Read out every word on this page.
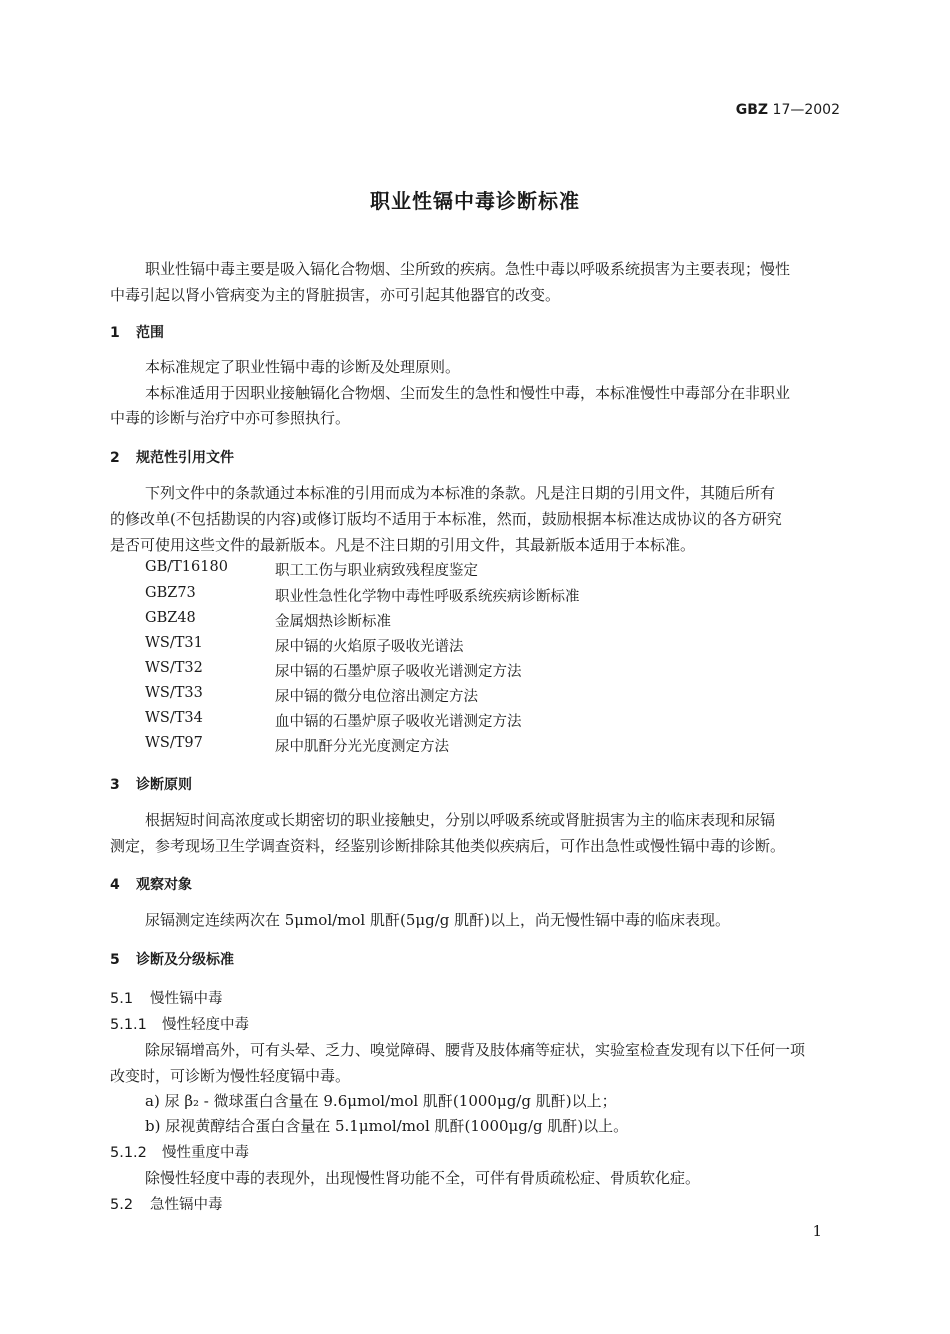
GBZ 17—2002
职业性镉中毒诊断标准
职业性镉中毒主要是吸入镉化合物烟、尘所致的疾病。急性中毒以呼吸系统损害为主要表现；慢性
中毒引起以肾小管病变为主的肾脏损害，亦可引起其他器官的改变。
1 范围
本标准规定了职业性镉中毒的诊断及处理原则。
本标准适用于因职业接触镉化合物烟、尘而发生的急性和慢性中毒，本标准慢性中毒部分在非职业
中毒的诊断与治疗中亦可参照执行。
2 规范性引用文件
下列文件中的条款通过本标准的引用而成为本标准的条款。凡是注日期的引用文件，其随后所有
的修改单(不包括勘误的内容)或修订版均不适用于本标准，然而，鼓励根据本标准达成协议的各方研究
是否可使用这些文件的最新版本。凡是不注日期的引用文件，其最新版本适用于本标准。
GB/T16180	职工工伤与职业病致残程度鉴定
GBZ73	职业性急性化学物中毒性呼吸系统疾病诊断标准
GBZ48	金属烟热诊断标准
WS/T31	尿中镉的火焰原子吸收光谱法
WS/T32	尿中镉的石墨炉原子吸收光谱测定方法
WS/T33	尿中镉的微分电位溶出测定方法
WS/T34	血中镉的石墨炉原子吸收光谱测定方法
WS/T97	尿中肌酐分光光度测定方法
3 诊断原则
根据短时间高浓度或长期密切的职业接触史，分别以呼吸系统或肾脏损害为主的临床表现和尿镉
测定，参考现场卫生学调查资料，经鉴别诊断排除其他类似疾病后，可作出急性或慢性镉中毒的诊断。
4 观察对象
尿镉测定连续两次在 5μmol/mol 肌酐(5μg/g 肌酐)以上，尚无慢性镉中毒的临床表现。
5 诊断及分级标准
5.1 慢性镉中毒
5.1.1 慢性轻度中毒
除尿镉增高外，可有头晕、乏力、嗅觉障碍、腰背及肢体痛等症状，实验室检查发现有以下任何一项
改变时，可诊断为慢性轻度镉中毒。
a) 尿 β₂ - 微球蛋白含量在 9.6μmol/mol 肌酐(1000μg/g 肌酐)以上；
b) 尿视黄醇结合蛋白含量在 5.1μmol/mol 肌酐(1000μg/g 肌酐)以上。
5.1.2 慢性重度中毒
除慢性轻度中毒的表现外，出现慢性肾功能不全，可伴有骨质疏松症、骨质软化症。
5.2 急性镉中毒
1
